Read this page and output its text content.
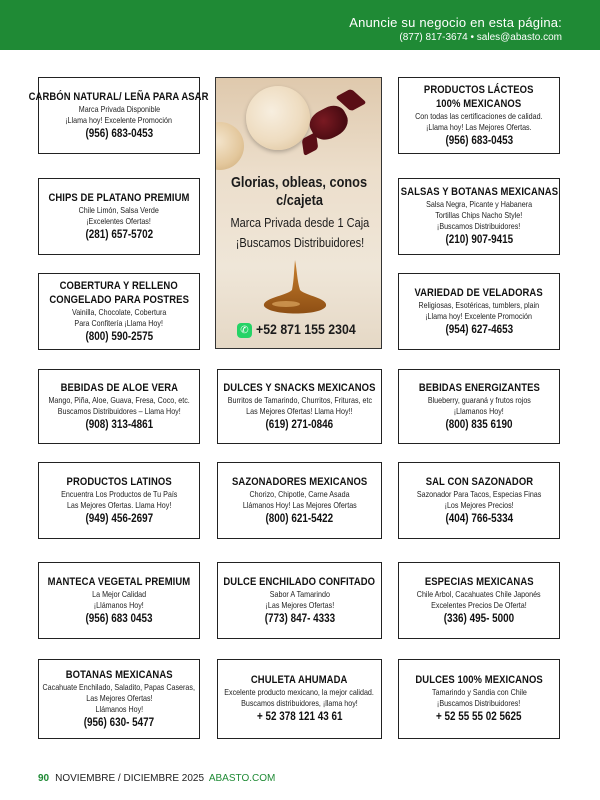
Anuncie su negocio en esta página:
(877) 817-3674 • sales@abasto.com
CARBÓN NATURAL/ LEÑA PARA ASAR
Marca Privada Disponible
¡Llama hoy! Excelente Promoción
(956) 683-0453
PRODUCTOS LÁCTEOS
100% MEXICANOS
Con todas las certificaciones de calidad.
¡Llama hoy! Las Mejores Ofertas.
(956) 683-0453
CHIPS DE PLATANO PREMIUM
Chile Limón, Salsa Verde
¡Excelentes Ofertas!
(281) 657-5702
SALSAS Y BOTANAS MEXICANAS
Salsa Negra, Picante y Habanera
Tortillas Chips Nacho Style!
¡Buscamos Distribuidores!
(210) 907-9415
COBERTURA Y RELLENO
CONGELADO PARA POSTRES
Vainilla, Chocolate, Cobertura
Para Confitería ¡Llama Hoy!
(800) 590-2575
VARIEDAD DE VELADORAS
Religiosas, Esotéricas, tumblers, plain
¡Llama hoy! Excelente Promoción
(954) 627-4653
BEBIDAS DE ALOE VERA
Mango, Piña, Aloe, Guava, Fresa, Coco, etc.
Buscamos Distribuidores – Llama Hoy!
(908) 313-4861
DULCES Y SNACKS MEXICANOS
Burritos de Tamarindo, Churritos, Frituras, etc
Las Mejores Ofertas! Llama Hoy!!
(619) 271-0846
BEBIDAS ENERGIZANTES
Blueberry, guaraná y frutos rojos
¡Llamanos Hoy!
(800) 835 6190
PRODUCTOS LATINOS
Encuentra Los Productos de Tu País
Las Mejores Ofertas. Llama Hoy!
(949) 456-2697
SAZONADORES MEXICANOS
Chorizo, Chipotle, Carne Asada
Llámanos Hoy! Las Mejores Ofertas
(800) 621-5422
SAL CON SAZONADOR
Sazonador Para Tacos, Especias Finas
¡Los Mejores Precios!
(404) 766-5334
MANTECA VEGETAL PREMIUM
La Mejor Calidad
¡Llámanos Hoy!
(956) 683 0453
DULCE ENCHILADO CONFITADO
Sabor A Tamarindo
¡Las Mejores Ofertas!
(773) 847- 4333
ESPECIAS MEXICANAS
Chile Arbol, Cacahuates Chile Japonés
Excelentes Precios De Oferta!
(336) 495- 5000
BOTANAS MEXICANAS
Cacahuate Enchilado, Saladito, Papas Caseras,
Las Mejores Ofertas!
Llámanos Hoy!
(956) 630- 5477
CHULETA AHUMADA
Excelente producto mexicano, la mejor calidad.
Buscamos distribuidores, ¡llama hoy!
+ 52 378 121 43 61
DULCES 100% MEXICANOS
Tamarindo y Sandia con Chile
¡Buscamos Distribuidores!
+ 52 55 55 02 5625
Glorias, obleas, conos
c/cajeta
Marca Privada desde 1 Caja
¡Buscamos Distribuidores!
✆ +52 871 155 2304
90 NOVIEMBRE / DICIEMBRE 2025 ABASTO.COM
